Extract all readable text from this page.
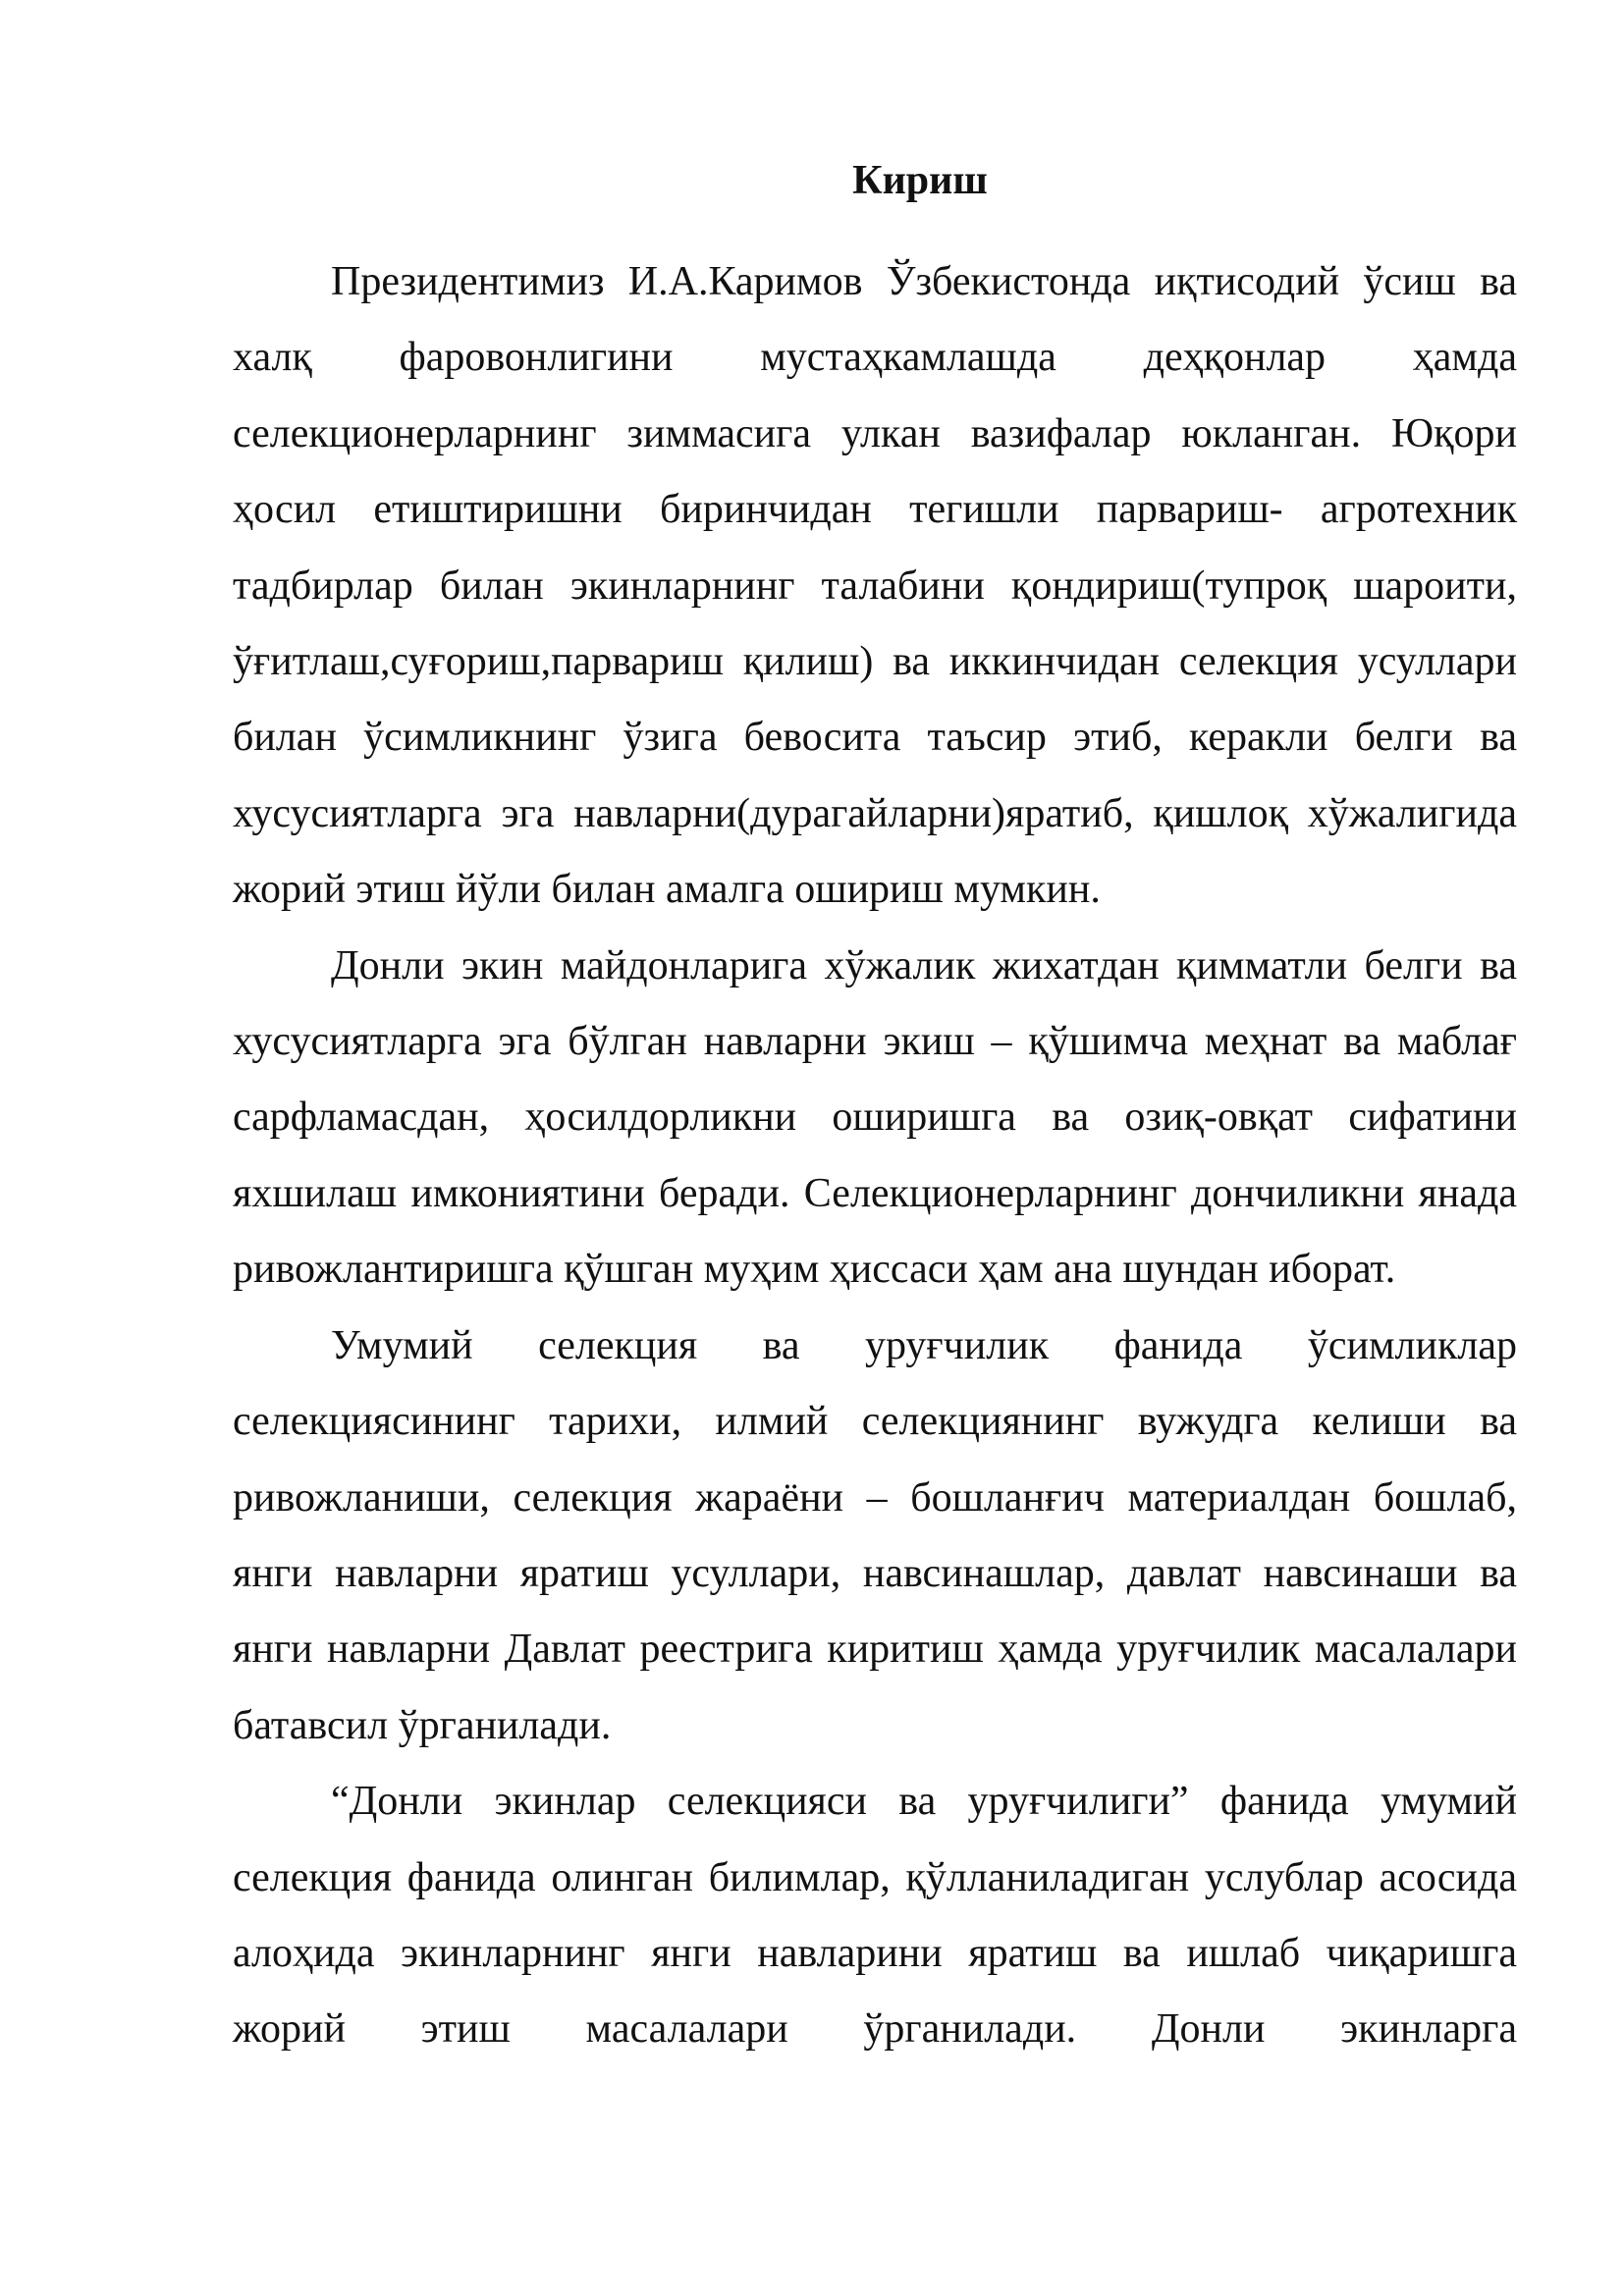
Кириш

Президентимиз И.А.Каримов Ўзбекистонда иқтисодий ўсиш ва халқ фаровонлигини мустаҳкамлашда деҳқонлар ҳамда селекционерларнинг зиммасига улкан вазифалар юкланган. Юқори ҳосил етиштиришни биринчидан тегишли парвариш- агротехник тадбирлар билан экинларнинг талабини қондириш(тупроқ шароити, ўғитлаш,суғориш,парвариш қилиш) ва иккинчидан селекция усуллари билан ўсимликнинг ўзига бевосита таъсир этиб, керакли белги ва хусусиятларга эга навларни(дурагайларни)яратиб, қишлоқ хўжалигида жорий этиш йўли билан амалга ошириш мумкин.

Донли экин майдонларига хўжалик жихатдан қимматли белги ва хусусиятларга эга бўлган навларни экиш – қўшимча меҳнат ва маблағ сарфламасдан, ҳосилдорликни оширишга ва озиқ-овқат сифатини яхшилаш имкониятини беради. Селекционерларнинг дончиликни янада ривожлантиришга қўшган муҳим ҳиссаси ҳам ана шундан иборат.

Умумий селекция ва уруғчилик фанида ўсимликлар селекциясининг тарихи, илмий селекциянинг вужудга келиши ва ривожланиши, селекция жараёни – бошланғич материалдан бошлаб, янги навларни яратиш усуллари, навсинашлар, давлат навсинаши ва янги навларни Давлат реестрига киритиш ҳамда уруғчилик масалалари батавсил ўрганилади.

“Донли экинлар селекцияси ва уруғчилиги” фанида умумий селекция фанида олинган билимлар, қўлланиладиган услублар асосида алоҳида экинларнинг янги навларини яратиш ва ишлаб чиқаришга жорий этиш масалалари ўрганилади. Донли экинларга
